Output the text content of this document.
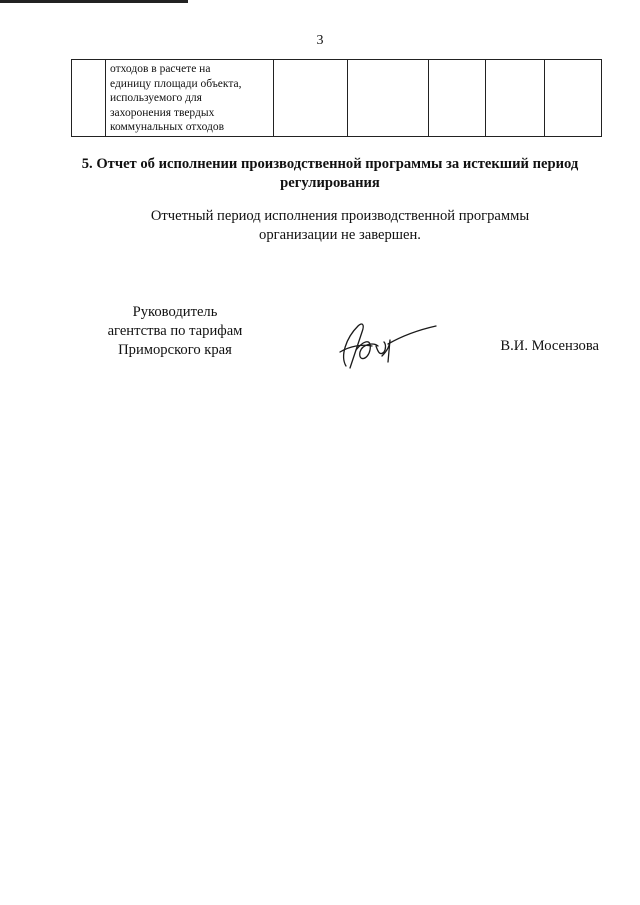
3
	отходов в расчете на
единицу площади объекта,
используемого для
захоронения твердых
коммунальных отходов					
5. Отчет об исполнении производственной программы за истекший период
регулирования
Отчетный период исполнения производственной программы
организации не завершен.
Руководитель
агентства по тарифам
Приморского края	В.И. Мосензова
